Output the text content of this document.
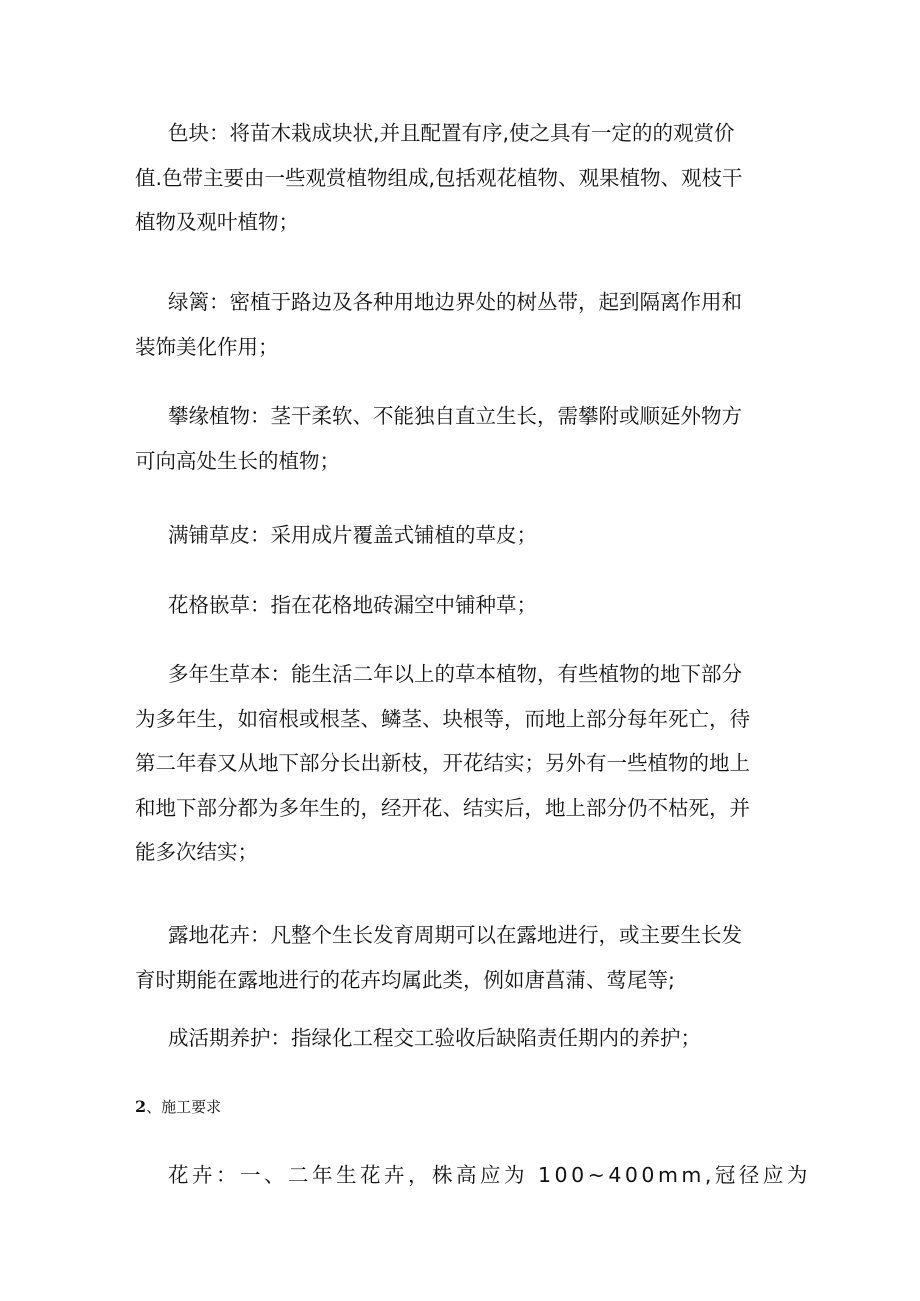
色块：将苗木栽成块状,并且配置有序,使之具有一定的的观赏价
值.色带主要由一些观赏植物组成,包括观花植物、观果植物、观枝干
植物及观叶植物；
绿篱：密植于路边及各种用地边界处的树丛带，起到隔离作用和
装饰美化作用；
攀缘植物：茎干柔软、不能独自直立生长，需攀附或顺延外物方
可向高处生长的植物；
满铺草皮：采用成片覆盖式铺植的草皮；
花格嵌草：指在花格地砖漏空中铺种草；
多年生草本：能生活二年以上的草本植物，有些植物的地下部分
为多年生，如宿根或根茎、鳞茎、块根等，而地上部分每年死亡，待
第二年春又从地下部分长出新枝，开花结实；另外有一些植物的地上
和地下部分都为多年生的，经开花、结实后，地上部分仍不枯死，并
能多次结实；
露地花卉：凡整个生长发育周期可以在露地进行，或主要生长发
育时期能在露地进行的花卉均属此类，例如唐菖蒲、莺尾等;
成活期养护：指绿化工程交工验收后缺陷责任期内的养护；
2、施工要求
花卉：一、二年生花卉，株高应为 100~400mm,冠径应为
